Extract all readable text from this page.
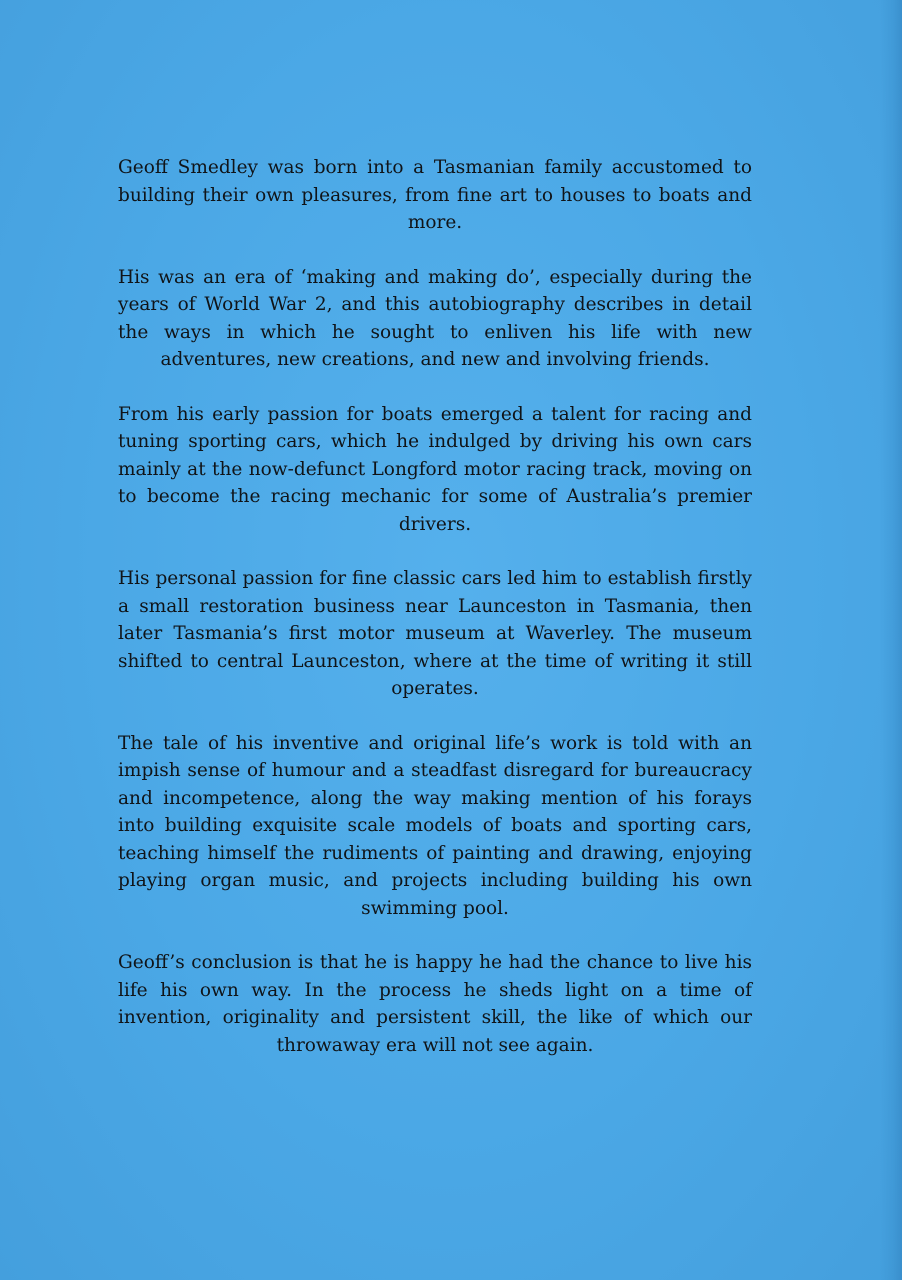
Geoff Smedley was born into a Tasmanian family accustomed to building their own pleasures, from fine art to houses to boats and more.

His was an era of ‘making and making do’, especially during the years of World War 2, and this autobiography describes in detail the ways in which he sought to enliven his life with new adventures, new creations, and new and involving friends.

From his early passion for boats emerged a talent for racing and tuning sporting cars, which he indulged by driving his own cars mainly at the now-defunct Longford motor racing track, moving on to become the racing mechanic for some of Australia’s premier drivers.

His personal passion for fine classic cars led him to establish firstly a small restoration business near Launceston in Tasmania, then later Tasmania’s first motor museum at Waverley. The museum shifted to central Launceston, where at the time of writing it still operates.

The tale of his inventive and original life’s work is told with an impish sense of humour and a steadfast disregard for bureaucracy and incompetence, along the way making mention of his forays into building exquisite scale models of boats and sporting cars, teaching himself the rudiments of painting and drawing, enjoying playing organ music, and projects including building his own swimming pool.

Geoff’s conclusion is that he is happy he had the chance to live his life his own way. In the process he sheds light on a time of invention, originality and persistent skill, the like of which our throwaway era will not see again.
